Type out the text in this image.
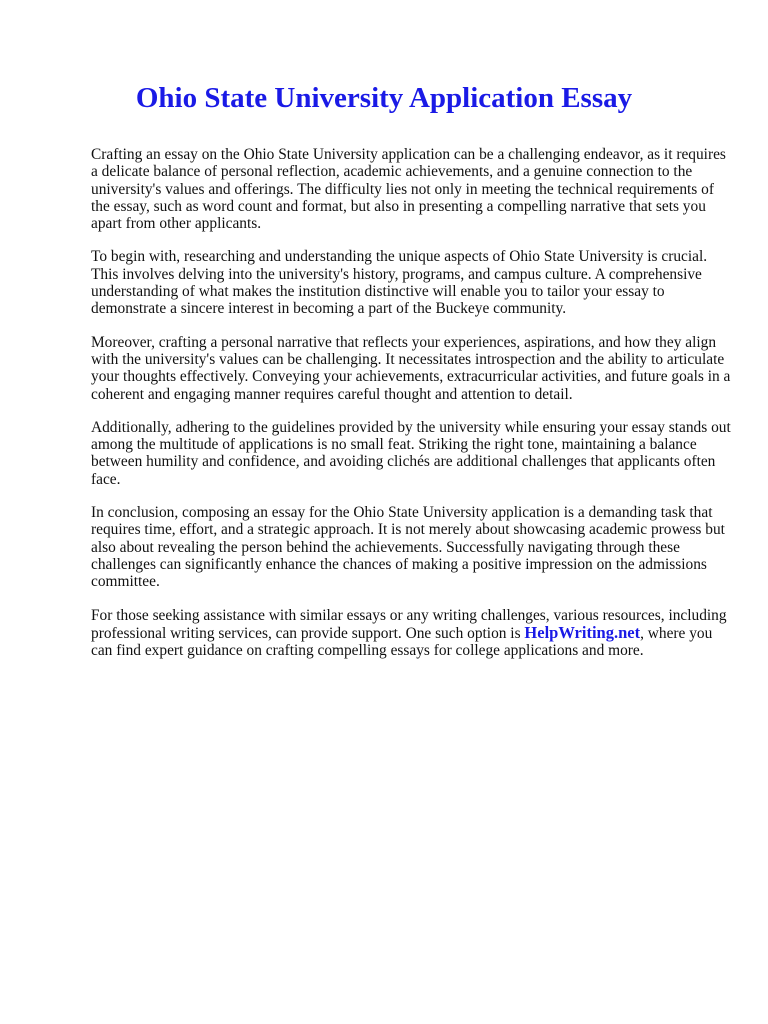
Ohio State University Application Essay

Crafting an essay on the Ohio State University application can be a challenging endeavor, as it requires a delicate balance of personal reflection, academic achievements, and a genuine connection to the university's values and offerings. The difficulty lies not only in meeting the technical requirements of the essay, such as word count and format, but also in presenting a compelling narrative that sets you apart from other applicants.

To begin with, researching and understanding the unique aspects of Ohio State University is crucial. This involves delving into the university's history, programs, and campus culture. A comprehensive understanding of what makes the institution distinctive will enable you to tailor your essay to demonstrate a sincere interest in becoming a part of the Buckeye community.

Moreover, crafting a personal narrative that reflects your experiences, aspirations, and how they align with the university's values can be challenging. It necessitates introspection and the ability to articulate your thoughts effectively. Conveying your achievements, extracurricular activities, and future goals in a coherent and engaging manner requires careful thought and attention to detail.

Additionally, adhering to the guidelines provided by the university while ensuring your essay stands out among the multitude of applications is no small feat. Striking the right tone, maintaining a balance between humility and confidence, and avoiding clichés are additional challenges that applicants often face.

In conclusion, composing an essay for the Ohio State University application is a demanding task that requires time, effort, and a strategic approach. It is not merely about showcasing academic prowess but also about revealing the person behind the achievements. Successfully navigating through these challenges can significantly enhance the chances of making a positive impression on the admissions committee.

For those seeking assistance with similar essays or any writing challenges, various resources, including professional writing services, can provide support. One such option is HelpWriting.net, where you can find expert guidance on crafting compelling essays for college applications and more.
